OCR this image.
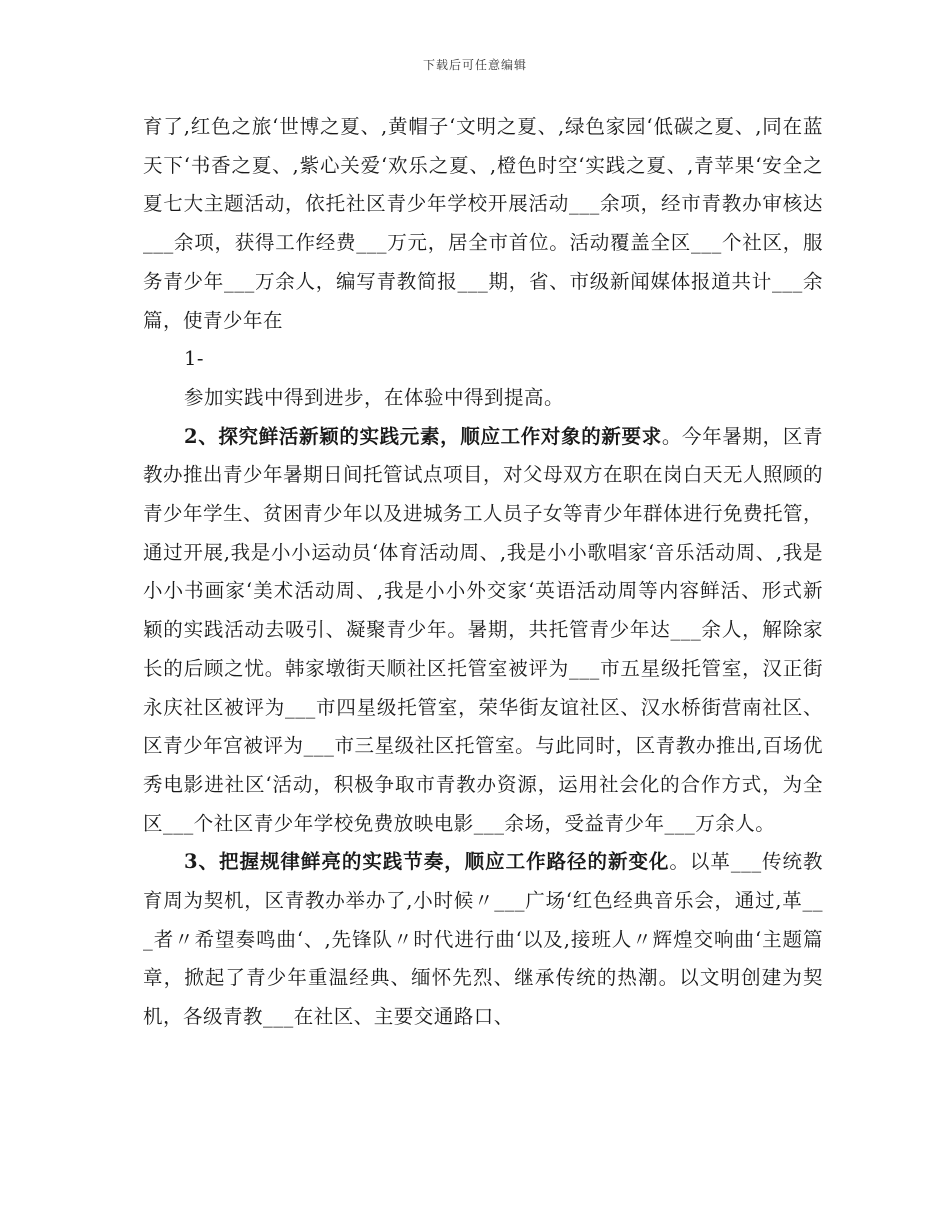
下载后可任意编辑

育了,红色之旅‘世博之夏、,黄帽子‘文明之夏、,绿色家园‘低碳之夏、,同在蓝天下‘书香之夏、,紫心关爱‘欢乐之夏、,橙色时空‘实践之夏、,青苹果‘安全之夏七大主题活动，依托社区青少年学校开展活动___余项，经市青教办审核达___余项，获得工作经费___万元，居全市首位。活动覆盖全区___个社区，服务青少年___万余人，编写青教简报___期，省、市级新闻媒体报道共计___余篇，使青少年在

1-

参加实践中得到进步，在体验中得到提高。

2、探究鲜活新颖的实践元素，顺应工作对象的新要求。今年暑期，区青教办推出青少年暑期日间托管试点项目，对父母双方在职在岗白天无人照顾的青少年学生、贫困青少年以及进城务工人员子女等青少年群体进行免费托管，通过开展,我是小小运动员‘体育活动周、,我是小小歌唱家‘音乐活动周、,我是小小书画家‘美术活动周、,我是小小外交家‘英语活动周等内容鲜活、形式新颖的实践活动去吸引、凝聚青少年。暑期，共托管青少年达___余人，解除家长的后顾之忧。韩家墩街天顺社区托管室被评为___市五星级托管室，汉正街永庆社区被评为___市四星级托管室，荣华街友谊社区、汉水桥街营南社区、区青少年宫被评为___市三星级社区托管室。与此同时，区青教办推出,百场优秀电影进社区‘活动，积极争取市青教办资源，运用社会化的合作方式，为全区___个社区青少年学校免费放映电影___余场，受益青少年___万余人。

3、把握规律鲜亮的实践节奏，顺应工作路径的新变化。以革___传统教育周为契机，区青教办举办了,小时候〃___广场‘红色经典音乐会，通过,革___者〃希望奏鸣曲‘、,先锋队〃时代进行曲‘以及,接班人〃辉煌交响曲‘主题篇章，掀起了青少年重温经典、缅怀先烈、继承传统的热潮。以文明创建为契机，各级青教___在社区、主要交通路口、
